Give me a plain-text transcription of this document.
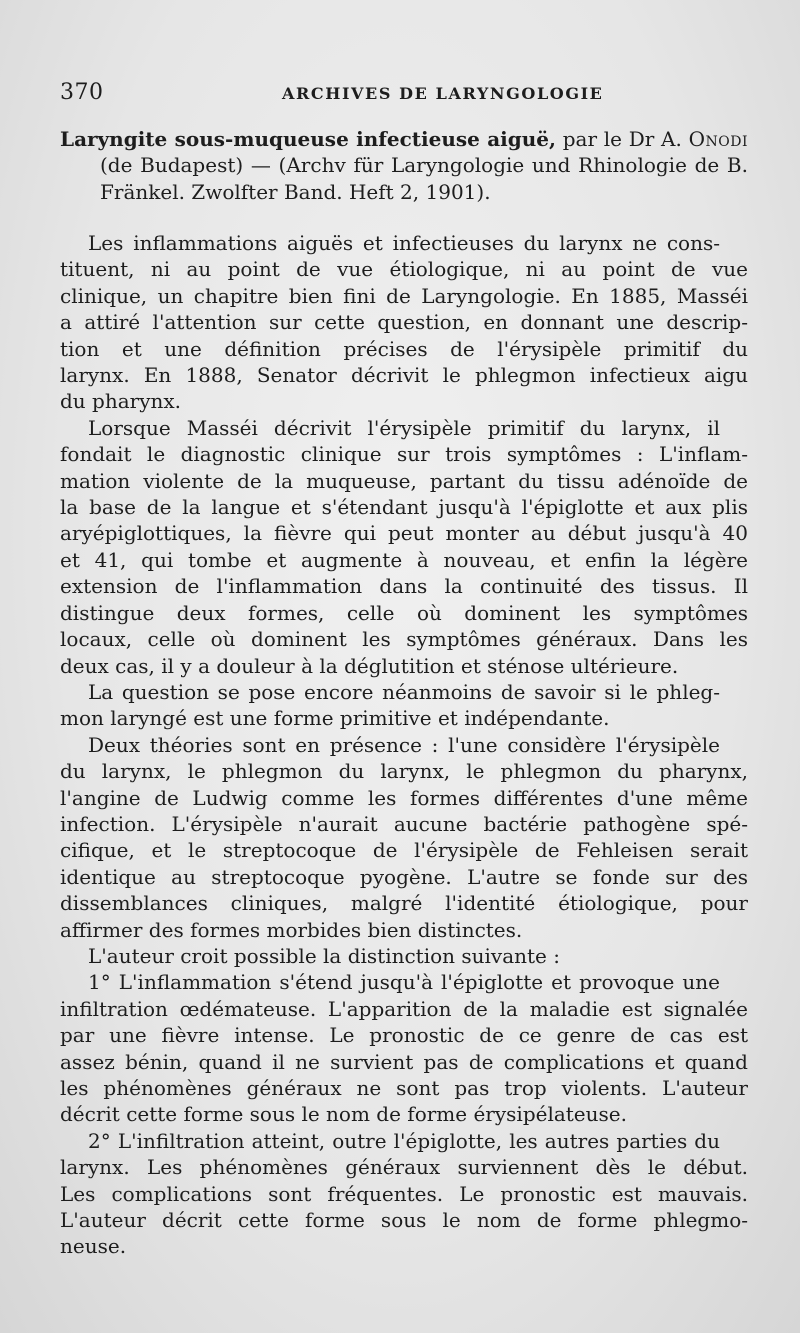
370	ARCHIVES DE LARYNGOLOGIE

Laryngite sous-muqueuse infectieuse aiguë, par le Dr A. Onodi (de Budapest) — (Archv für Laryngologie und Rhinologie de B. Fränkel. Zwolfter Band. Heft 2, 1901).

Les inflammations aiguës et infectieuses du larynx ne cons-
tituent, ni au point de vue étiologique, ni au point de vue
clinique, un chapitre bien fini de Laryngologie. En 1885, Masséi
a attiré l'attention sur cette question, en donnant une descrip-
tion et une définition précises de l'érysipèle primitif du
larynx. En 1888, Senator décrivit le phlegmon infectieux aigu
du pharynx.

Lorsque Masséi décrivit l'érysipèle primitif du larynx, il
fondait le diagnostic clinique sur trois symptômes : L'inflam-
mation violente de la muqueuse, partant du tissu adénoïde de
la base de la langue et s'étendant jusqu'à l'épiglotte et aux plis
aryépiglottiques, la fièvre qui peut monter au début jusqu'à 40
et 41, qui tombe et augmente à nouveau, et enfin la légère
extension de l'inflammation dans la continuité des tissus. Il
distingue deux formes, celle où dominent les symptômes
locaux, celle où dominent les symptômes généraux. Dans les
deux cas, il y a douleur à la déglutition et sténose ultérieure.

La question se pose encore néanmoins de savoir si le phleg-
mon laryngé est une forme primitive et indépendante.

Deux théories sont en présence : l'une considère l'érysipèle
du larynx, le phlegmon du larynx, le phlegmon du pharynx,
l'angine de Ludwig comme les formes différentes d'une même
infection. L'érysipèle n'aurait aucune bactérie pathogène spé-
cifique, et le streptocoque de l'érysipèle de Fehleisen serait
identique au streptocoque pyogène. L'autre se fonde sur des
dissemblances cliniques, malgré l'identité étiologique, pour
affirmer des formes morbides bien distinctes.

L'auteur croit possible la distinction suivante :

1° L'inflammation s'étend jusqu'à l'épiglotte et provoque une
infiltration œdémateuse. L'apparition de la maladie est signalée
par une fièvre intense. Le pronostic de ce genre de cas est
assez bénin, quand il ne survient pas de complications et quand
les phénomènes généraux ne sont pas trop violents. L'auteur
décrit cette forme sous le nom de forme érysipélateuse.

2° L'infiltration atteint, outre l'épiglotte, les autres parties du
larynx. Les phénomènes généraux surviennent dès le début.
Les complications sont fréquentes. Le pronostic est mauvais.
L'auteur décrit cette forme sous le nom de forme phlegmo-
neuse.
